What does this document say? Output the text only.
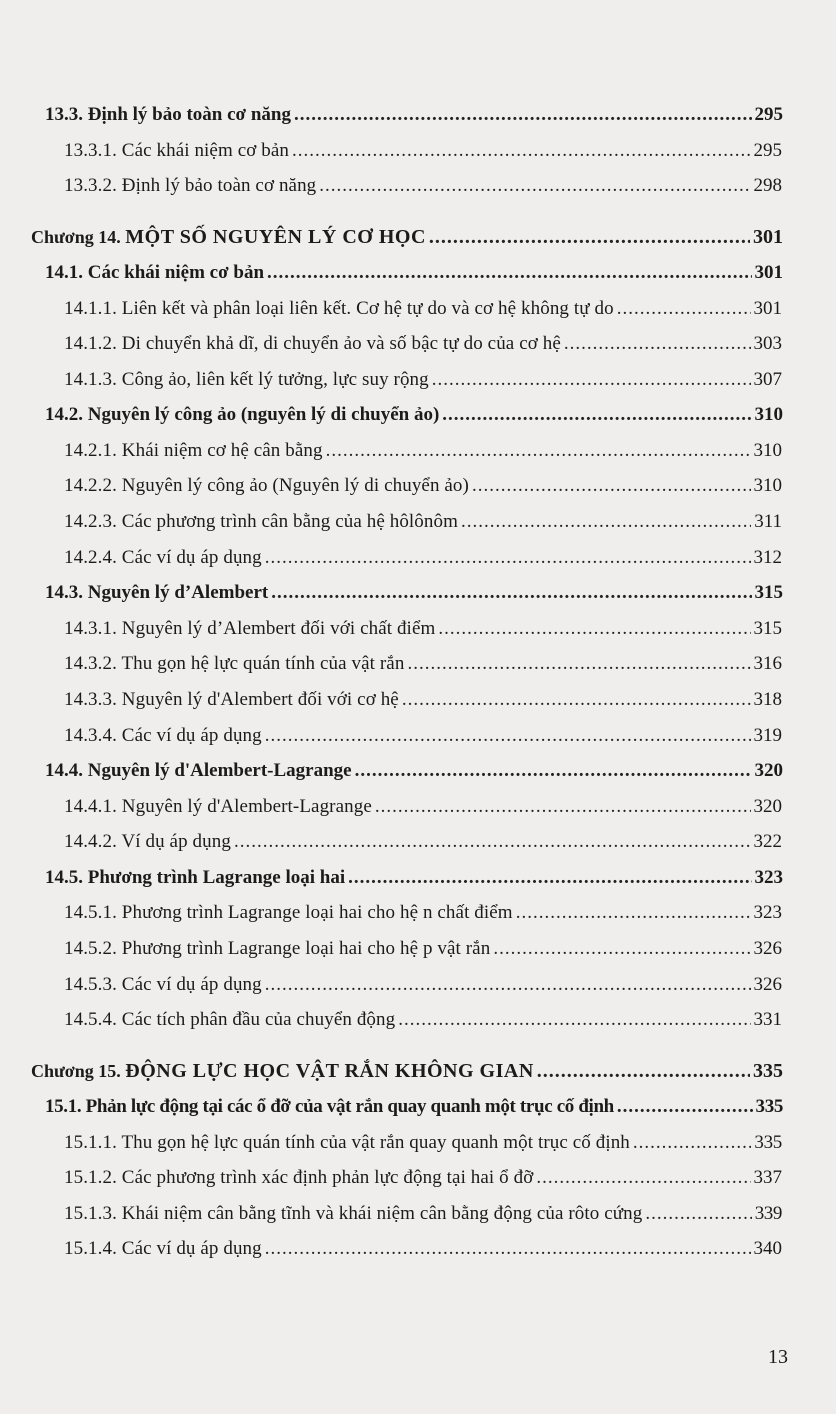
13.3. Định lý bảo toàn cơ năng .....	295
13.3.1. Các khái niệm cơ bản .....	295
13.3.2. Định lý bảo toàn cơ năng .....	298
Chương 14. MỘT SỐ NGUYÊN LÝ CƠ HỌC .....	301
14.1. Các khái niệm cơ bản .....	301
14.1.1. Liên kết và phân loại liên kết. Cơ hệ tự do và cơ hệ không tự do .....	301
14.1.2. Di chuyển khả dĩ, di chuyển ảo và số bậc tự do của cơ hệ .....	303
14.1.3. Công ảo, liên kết lý tưởng, lực suy rộng .....	307
14.2. Nguyên lý công ảo (nguyên lý di chuyển ảo) .....	310
14.2.1. Khái niệm cơ hệ cân bằng .....	310
14.2.2. Nguyên lý công ảo (Nguyên lý di chuyển ảo) .....	310
14.2.3. Các phương trình cân bằng của hệ hôlônôm .....	311
14.2.4. Các ví dụ áp dụng .....	312
14.3. Nguyên lý d’Alembert .....	315
14.3.1. Nguyên lý d’Alembert đối với chất điểm .....	315
14.3.2. Thu gọn hệ lực quán tính của vật rắn .....	316
14.3.3. Nguyên lý d'Alembert đối với cơ hệ .....	318
14.3.4. Các ví dụ áp dụng .....	319
14.4. Nguyên lý d'Alembert-Lagrange .....	320
14.4.1. Nguyên lý d'Alembert-Lagrange .....	320
14.4.2. Ví dụ áp dụng .....	322
14.5. Phương trình Lagrange loại hai .....	323
14.5.1. Phương trình Lagrange loại hai cho hệ n chất điểm .....	323
14.5.2. Phương trình Lagrange loại hai cho hệ p vật rắn .....	326
14.5.3. Các ví dụ áp dụng .....	326
14.5.4. Các tích phân đầu của chuyển động .....	331
Chương 15. ĐỘNG LỰC HỌC VẬT RẮN KHÔNG GIAN .....	335
15.1. Phản lực động tại các ổ đỡ của vật rắn quay quanh một trục cố định .....	335
15.1.1. Thu gọn hệ lực quán tính của vật rắn quay quanh một trục cố định .....	335
15.1.2. Các phương trình xác định phản lực động tại hai ổ đỡ .....	337
15.1.3. Khái niệm cân bằng tĩnh và khái niệm cân bằng động của rôto cứng .....	339
15.1.4. Các ví dụ áp dụng .....	340
13
